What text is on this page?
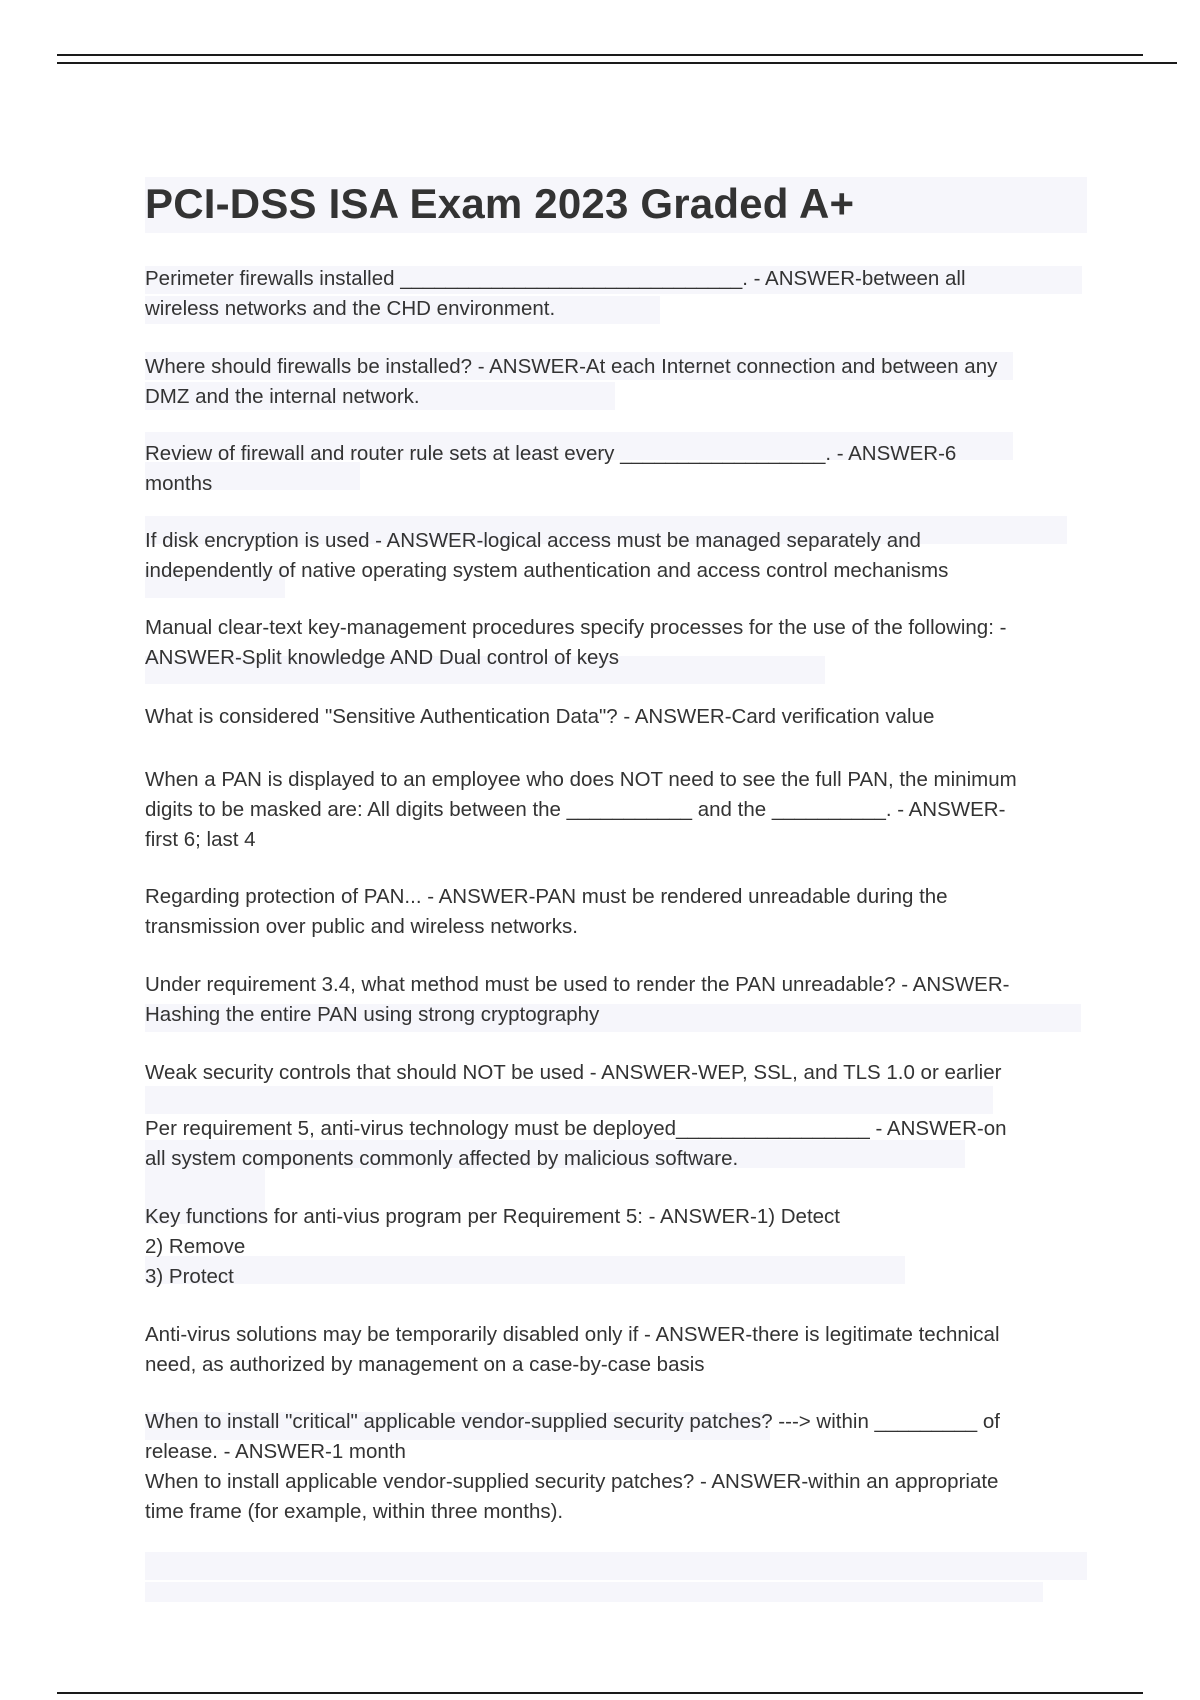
PCI-DSS ISA Exam 2023 Graded A+
Perimeter firewalls installed ______________________________. - ANSWER-between all
wireless networks and the CHD environment.
Where should firewalls be installed? - ANSWER-At each Internet connection and between any
DMZ and the internal network.
Review of firewall and router rule sets at least every __________________. - ANSWER-6
months
If disk encryption is used - ANSWER-logical access must be managed separately and
independently of native operating system authentication and access control mechanisms
Manual clear-text key-management procedures specify processes for the use of the following: -
ANSWER-Split knowledge AND Dual control of keys
What is considered "Sensitive Authentication Data"? - ANSWER-Card verification value
When a PAN is displayed to an employee who does NOT need to see the full PAN, the minimum
digits to be masked are: All digits between the ___________ and the __________. - ANSWER-
first 6; last 4
Regarding protection of PAN... - ANSWER-PAN must be rendered unreadable during the
transmission over public and wireless networks.
Under requirement 3.4, what method must be used to render the PAN unreadable? - ANSWER-
Hashing the entire PAN using strong cryptography
Weak security controls that should NOT be used - ANSWER-WEP, SSL, and TLS 1.0 or earlier
Per requirement 5, anti-virus technology must be deployed_________________ - ANSWER-on
all system components commonly affected by malicious software.
Key functions for anti-vius program per Requirement 5: - ANSWER-1) Detect
2) Remove
3) Protect
Anti-virus solutions may be temporarily disabled only if - ANSWER-there is legitimate technical
need, as authorized by management on a case-by-case basis
When to install "critical" applicable vendor-supplied security patches? ---> within _________ of
release. - ANSWER-1 month
When to install applicable vendor-supplied security patches? - ANSWER-within an appropriate
time frame (for example, within three months).
